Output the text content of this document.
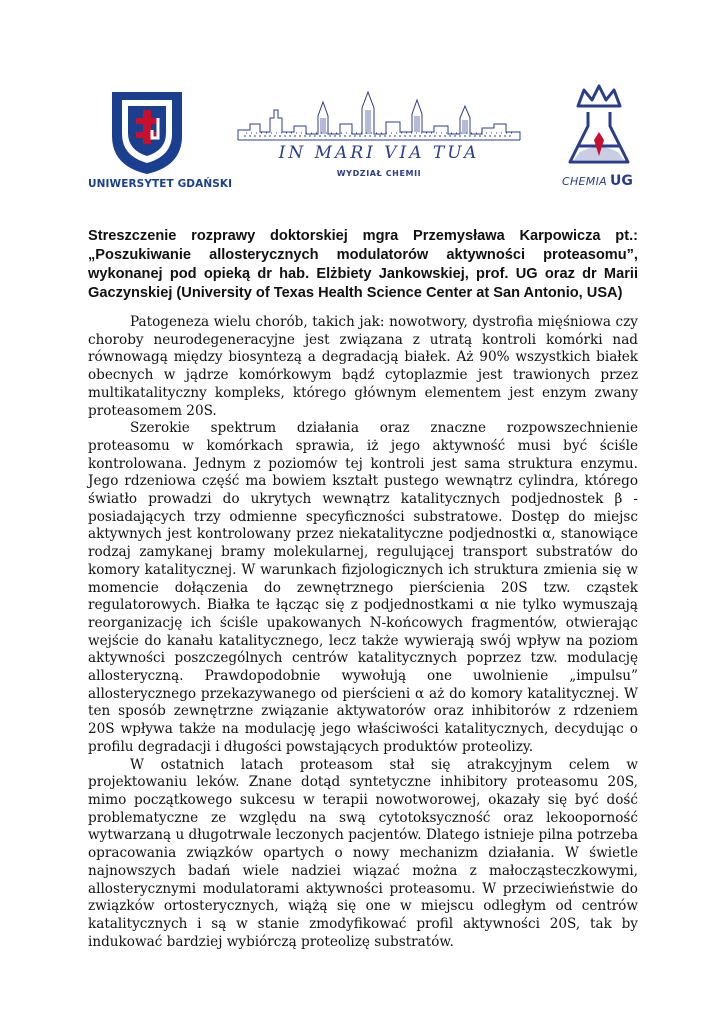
UNIWERSYTET GDAŃSKI
IN MARI VIA TUA
WYDZIAŁ CHEMII
CHEMIA UG

Streszczenie rozprawy doktorskiej mgra Przemysława Karpowicza pt.: „Poszukiwanie allosterycznych modulatorów aktywności proteasomu”, wykonanej pod opieką dr hab. Elżbiety Jankowskiej, prof. UG oraz dr Marii Gaczynskiej (University of Texas Health Science Center at San Antonio, USA)

Patogeneza wielu chorób, takich jak: nowotwory, dystrofia mięśniowa czy choroby neurodegeneracyjne jest związana z utratą kontroli komórki nad równowagą między biosyntezą a degradacją białek. Aż 90% wszystkich białek obecnych w jądrze komórkowym bądź cytoplazmie jest trawionych przez multikatalityczny kompleks, którego głównym elementem jest enzym zwany proteasomem 20S.

Szerokie spektrum działania oraz znaczne rozpowszechnienie proteasomu w komórkach sprawia, iż jego aktywność musi być ściśle kontrolowana. Jednym z poziomów tej kontroli jest sama struktura enzymu. Jego rdzeniowa część ma bowiem kształt pustego wewnątrz cylindra, którego światło prowadzi do ukrytych wewnątrz katalitycznych podjednostek β - posiadających trzy odmienne specyficzności substratowe. Dostęp do miejsc aktywnych jest kontrolowany przez niekatalityczne podjednostki α, stanowiące rodzaj zamykanej bramy molekularnej, regulującej transport substratów do komory katalitycznej. W warunkach fizjologicznych ich struktura zmienia się w momencie dołączenia do zewnętrznego pierścienia 20S tzw. cząstek regulatorowych. Białka te łącząc się z podjednostkami α nie tylko wymuszają reorganizację ich ściśle upakowanych N-końcowych fragmentów, otwierając wejście do kanału katalitycznego, lecz także wywierają swój wpływ na poziom aktywności poszczególnych centrów katalitycznych poprzez tzw. modulację allosteryczną. Prawdopodobnie wywołują one uwolnienie „impulsu” allosterycznego przekazywanego od pierścieni α aż do komory katalitycznej. W ten sposób zewnętrzne związanie aktywatorów oraz inhibitorów z rdzeniem 20S wpływa także na modulację jego właściwości katalitycznych, decydując o profilu degradacji i długości powstających produktów proteolizy.

W ostatnich latach proteasom stał się atrakcyjnym celem w projektowaniu leków. Znane dotąd syntetyczne inhibitory proteasomu 20S, mimo początkowego sukcesu w terapii nowotworowej, okazały się być dość problematyczne ze względu na swą cytotoksyczność oraz lekooporność wytwarzaną u długotrwale leczonych pacjentów. Dlatego istnieje pilna potrzeba opracowania związków opartych o nowy mechanizm działania. W świetle najnowszych badań wiele nadziei wiązać można z małocząsteczkowymi, allosterycznymi modulatorami aktywności proteasomu. W przeciwieństwie do związków ortosterycznych, wiążą się one w miejscu odległym od centrów katalitycznych i są w stanie zmodyfikować profil aktywności 20S, tak by indukować bardziej wybiórczą proteolizę substratów.
